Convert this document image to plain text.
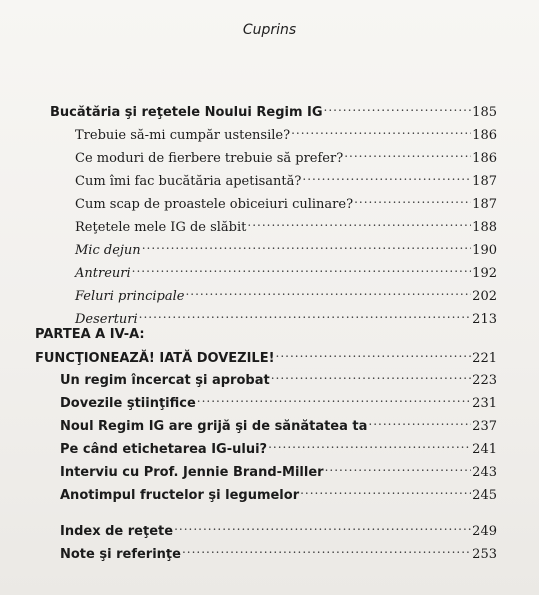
Cuprins
Bucătăria şi reţetele Noului Regim IG .....	185
Trebuie să-mi cumpăr ustensile? .....	186
Ce moduri de fierbere trebuie să prefer? .....	186
Cum îmi fac bucătăria apetisantă? .....	187
Cum scap de proastele obiceiuri culinare? .....	187
Reţetele mele IG de slăbit .....	188
Mic dejun .....	190
Antreuri .....	192
Feluri principale .....	202
Deserturi .....	213
PARTEA A IV-A:
FUNCŢIONEAZĂ! IATĂ DOVEZILE! .....	221
Un regim încercat şi aprobat .....	223
Dovezile ştiinţifice .....	231
Noul Regim IG are grijă şi de sănătatea ta .....	237
Pe când etichetarea IG-ului? .....	241
Interviu cu Prof. Jennie Brand-Miller .....	243
Anotimpul fructelor şi legumelor .....	245
Index de reţete .....	249
Note şi referinţe .....	253
